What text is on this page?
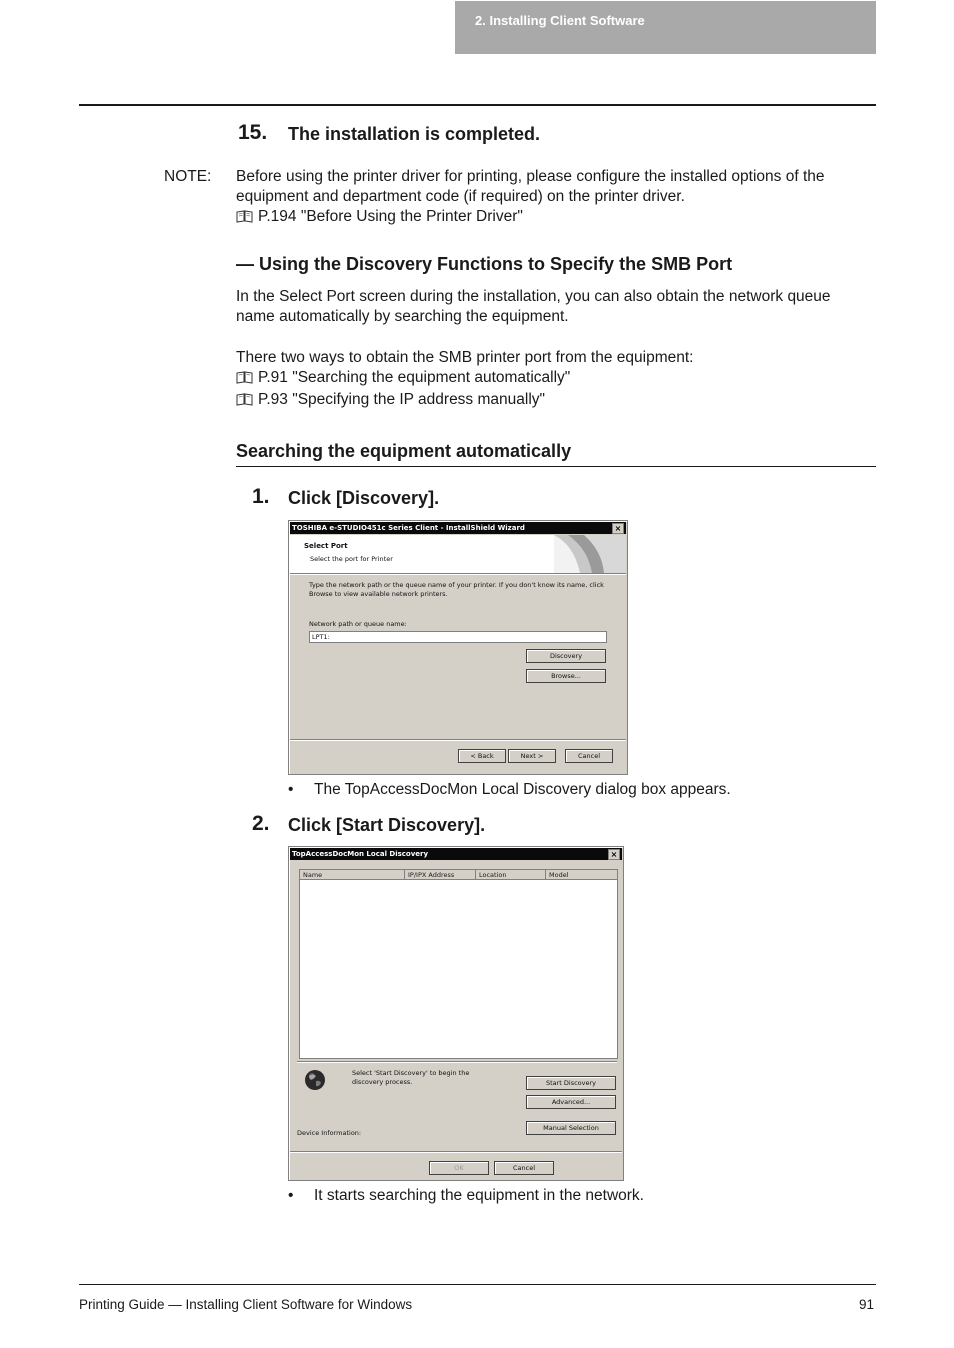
2. Installing Client Software
15. The installation is completed.
NOTE: Before using the printer driver for printing, please configure the installed options of the
equipment and department code (if required) on the printer driver.
P.194 "Before Using the Printer Driver"
— Using the Discovery Functions to Specify the SMB Port
In the Select Port screen during the installation, you can also obtain the network queue
name automatically by searching the equipment.
There two ways to obtain the SMB printer port from the equipment:
P.91 "Searching the equipment automatically"
P.93 "Specifying the IP address manually"
Searching the equipment automatically
1. Click [Discovery].
TOSHIBA e-STUDIO451c Series Client - InstallShield Wizard	×
Select Port
Select the port for Printer
Type the network path or the queue name of your printer. If you don't know its name, click
Browse to view available network printers.
Network path or queue name:
LPT1:
Discovery
Browse...
< Back	Next >	Cancel
• The TopAccessDocMon Local Discovery dialog box appears.
2. Click [Start Discovery].
TopAccessDocMon Local Discovery	×
Name	IP/IPX Address	Location	Model
Select 'Start Discovery' to begin the
discovery process.	Start Discovery
Advanced...
Manual Selection
Device Information:
OK	Cancel
• It starts searching the equipment in the network.
Printing Guide — Installing Client Software for Windows	91
